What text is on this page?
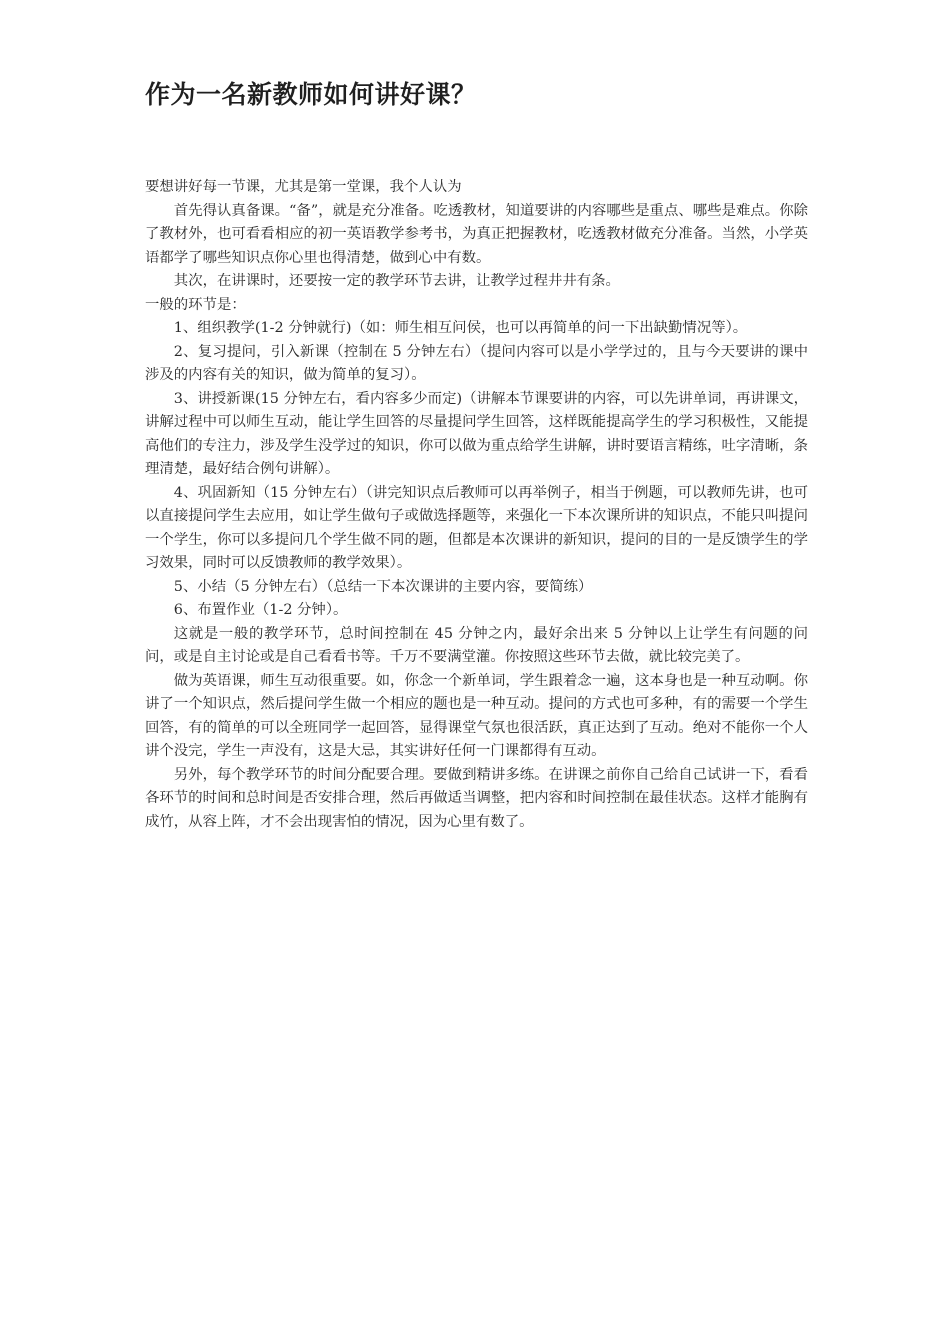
作为一名新教师如何讲好课？

要想讲好每一节课，尤其是第一堂课，我个人认为

首先得认真备课。“备”，就是充分准备。吃透教材，知道要讲的内容哪些是重点、哪些是难点。你除了教材外，也可看看相应的初一英语教学参考书，为真正把握教材，吃透教材做充分准备。当然，小学英语都学了哪些知识点你心里也得清楚，做到心中有数。

其次，在讲课时，还要按一定的教学环节去讲，让教学过程井井有条。

一般的环节是：

1、组织教学(1-2 分钟就行)（如：师生相互问侯，也可以再简单的问一下出缺勤情况等）。

2、复习提问，引入新课（控制在 5 分钟左右）（提问内容可以是小学学过的，且与今天要讲的课中涉及的内容有关的知识，做为简单的复习）。

3、讲授新课(15 分钟左右，看内容多少而定)（讲解本节课要讲的内容，可以先讲单词，再讲课文，讲解过程中可以师生互动，能让学生回答的尽量提问学生回答，这样既能提高学生的学习积极性，又能提高他们的专注力，涉及学生没学过的知识，你可以做为重点给学生讲解，讲时要语言精练，吐字清晰，条理清楚，最好结合例句讲解）。

4、巩固新知（15 分钟左右）（讲完知识点后教师可以再举例子，相当于例题，可以教师先讲，也可以直接提问学生去应用，如让学生做句子或做选择题等，来强化一下本次课所讲的知识点，不能只叫提问一个学生，你可以多提问几个学生做不同的题，但都是本次课讲的新知识，提问的目的一是反馈学生的学习效果，同时可以反馈教师的教学效果）。

5、小结（5 分钟左右）（总结一下本次课讲的主要内容，要简练）

6、布置作业（1-2 分钟）。

这就是一般的教学环节，总时间控制在 45 分钟之内，最好余出来 5 分钟以上让学生有问题的问问，或是自主讨论或是自己看看书等。千万不要满堂灌。你按照这些环节去做，就比较完美了。

做为英语课，师生互动很重要。如，你念一个新单词，学生跟着念一遍，这本身也是一种互动啊。你讲了一个知识点，然后提问学生做一个相应的题也是一种互动。提问的方式也可多种，有的需要一个学生回答，有的简单的可以全班同学一起回答，显得课堂气氛也很活跃，真正达到了互动。绝对不能你一个人讲个没完，学生一声没有，这是大忌，其实讲好任何一门课都得有互动。

另外，每个教学环节的时间分配要合理。要做到精讲多练。在讲课之前你自己给自己试讲一下，看看各环节的时间和总时间是否安排合理，然后再做适当调整，把内容和时间控制在最佳状态。这样才能胸有成竹，从容上阵，才不会出现害怕的情况，因为心里有数了。
